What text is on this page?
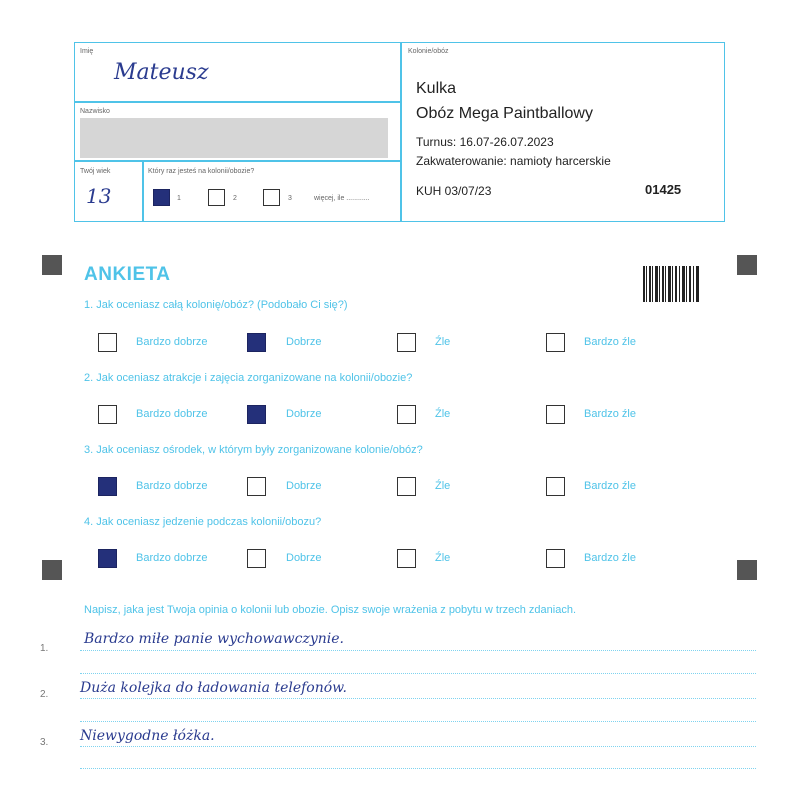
Imię
Mateusz
Nazwisko
Twój wiek
13
Który raz jesteś na kolonii/obozie?
1	2	3	więcej, ile ............
Kolonie/obóz
Kulka
Obóz Mega Paintballowy
Turnus: 16.07-26.07.2023
Zakwaterowanie: namioty harcerskie
KUH 03/07/23	01425
ANKIETA
1. Jak oceniasz całą kolonię/obóz? (Podobało Ci się?)
Bardzo dobrze	Dobrze	Źle	Bardzo źle
2. Jak oceniasz atrakcje i zajęcia zorganizowane na kolonii/obozie?
Bardzo dobrze	Dobrze	Źle	Bardzo źle
3. Jak oceniasz ośrodek, w którym były zorganizowane kolonie/obóz?
Bardzo dobrze	Dobrze	Źle	Bardzo źle
4. Jak oceniasz jedzenie podczas kolonii/obozu?
Bardzo dobrze	Dobrze	Źle	Bardzo źle
Napisz, jaka jest Twoja opinia o kolonii lub obozie. Opisz swoje wrażenia z pobytu w trzech zdaniach.
1.
Bardzo miłe panie wychowawczynie.
2. Duża kolejka do ładowania telefonów.
3. Niewygodne łóżka.
